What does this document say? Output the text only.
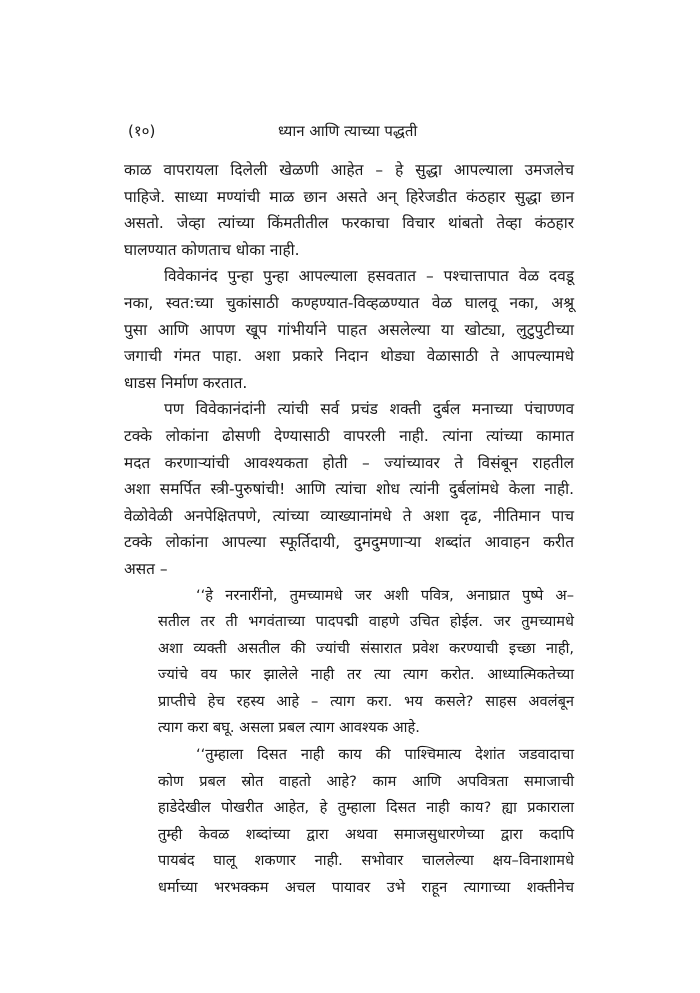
(१०)	ध्यान आणि त्याच्या पद्धती
काळ वापरायला दिलेली खेळणी आहेत – हे सुद्धा आपल्याला उमजलेच
पाहिजे. साध्या मण्यांची माळ छान असते अन् हिरेजडीत कंठहार सुद्धा छान
असतो. जेव्हा त्यांच्या किंमतीतील फरकाचा विचार थांबतो तेव्हा कंठहार
घालण्यात कोणताच धोका नाही.
विवेकानंद पुन्हा पुन्हा आपल्याला हसवतात – पश्चात्तापात वेळ दवडू
नका, स्वत:च्या चुकांसाठी कण्हण्यात-विव्हळण्यात वेळ घालवू नका, अश्रू
पुसा आणि आपण खूप गांभीर्याने पाहत असलेल्या या खोट्या, लुटुपुटीच्या
जगाची गंमत पाहा. अशा प्रकारे निदान थोड्या वेळासाठी ते आपल्यामधे
धाडस निर्माण करतात.
पण विवेकानंदांनी त्यांची सर्व प्रचंड शक्ती दुर्बल मनाच्या पंचाण्णव
टक्के लोकांना ढोसणी देण्यासाठी वापरली नाही. त्यांना त्यांच्या कामात
मदत करणाऱ्यांची आवश्यकता होती – ज्यांच्यावर ते विसंबून राहतील
अशा समर्पित स्त्री-पुरुषांची! आणि त्यांचा शोध त्यांनी दुर्बलांमधे केला नाही.
वेळोवेळी अनपेक्षितपणे, त्यांच्या व्याख्यानांमधे ते अशा दृढ, नीतिमान पाच
टक्के लोकांना आपल्या स्फूर्तिदायी, दुमदुमणाऱ्या शब्दांत आवाहन करीत
असत –
‘‘हे नरनारींनो, तुमच्यामधे जर अशी पवित्र, अनाघ्रात पुष्पे अ–
सतील तर ती भगवंताच्या पादपद्मी वाहणे उचित होईल. जर तुमच्यामधे
अशा व्यक्ती असतील की ज्यांची संसारात प्रवेश करण्याची इच्छा नाही,
ज्यांचे वय फार झालेले नाही तर त्या त्याग करोत. आध्यात्मिकतेच्या
प्राप्तीचे हेच रहस्य आहे – त्याग करा. भय कसले? साहस अवलंबून
त्याग करा बघू. असला प्रबल त्याग आवश्यक आहे.
‘‘तुम्हाला दिसत नाही काय की पाश्चिमात्य देशांत जडवादाचा
कोण प्रबल स्रोत वाहतो आहे? काम आणि अपवित्रता समाजाची
हाडेदेखील पोखरीत आहेत, हे तुम्हाला दिसत नाही काय? ह्या प्रकाराला
तुम्ही केवळ शब्दांच्या द्वारा अथवा समाजसुधारणेच्या द्वारा कदापि
पायबंद घालू शकणार नाही. सभोवार चाललेल्या क्षय–विनाशामधे
धर्माच्या भरभक्कम अचल पायावर उभे राहून त्यागाच्या शक्तीनेच
